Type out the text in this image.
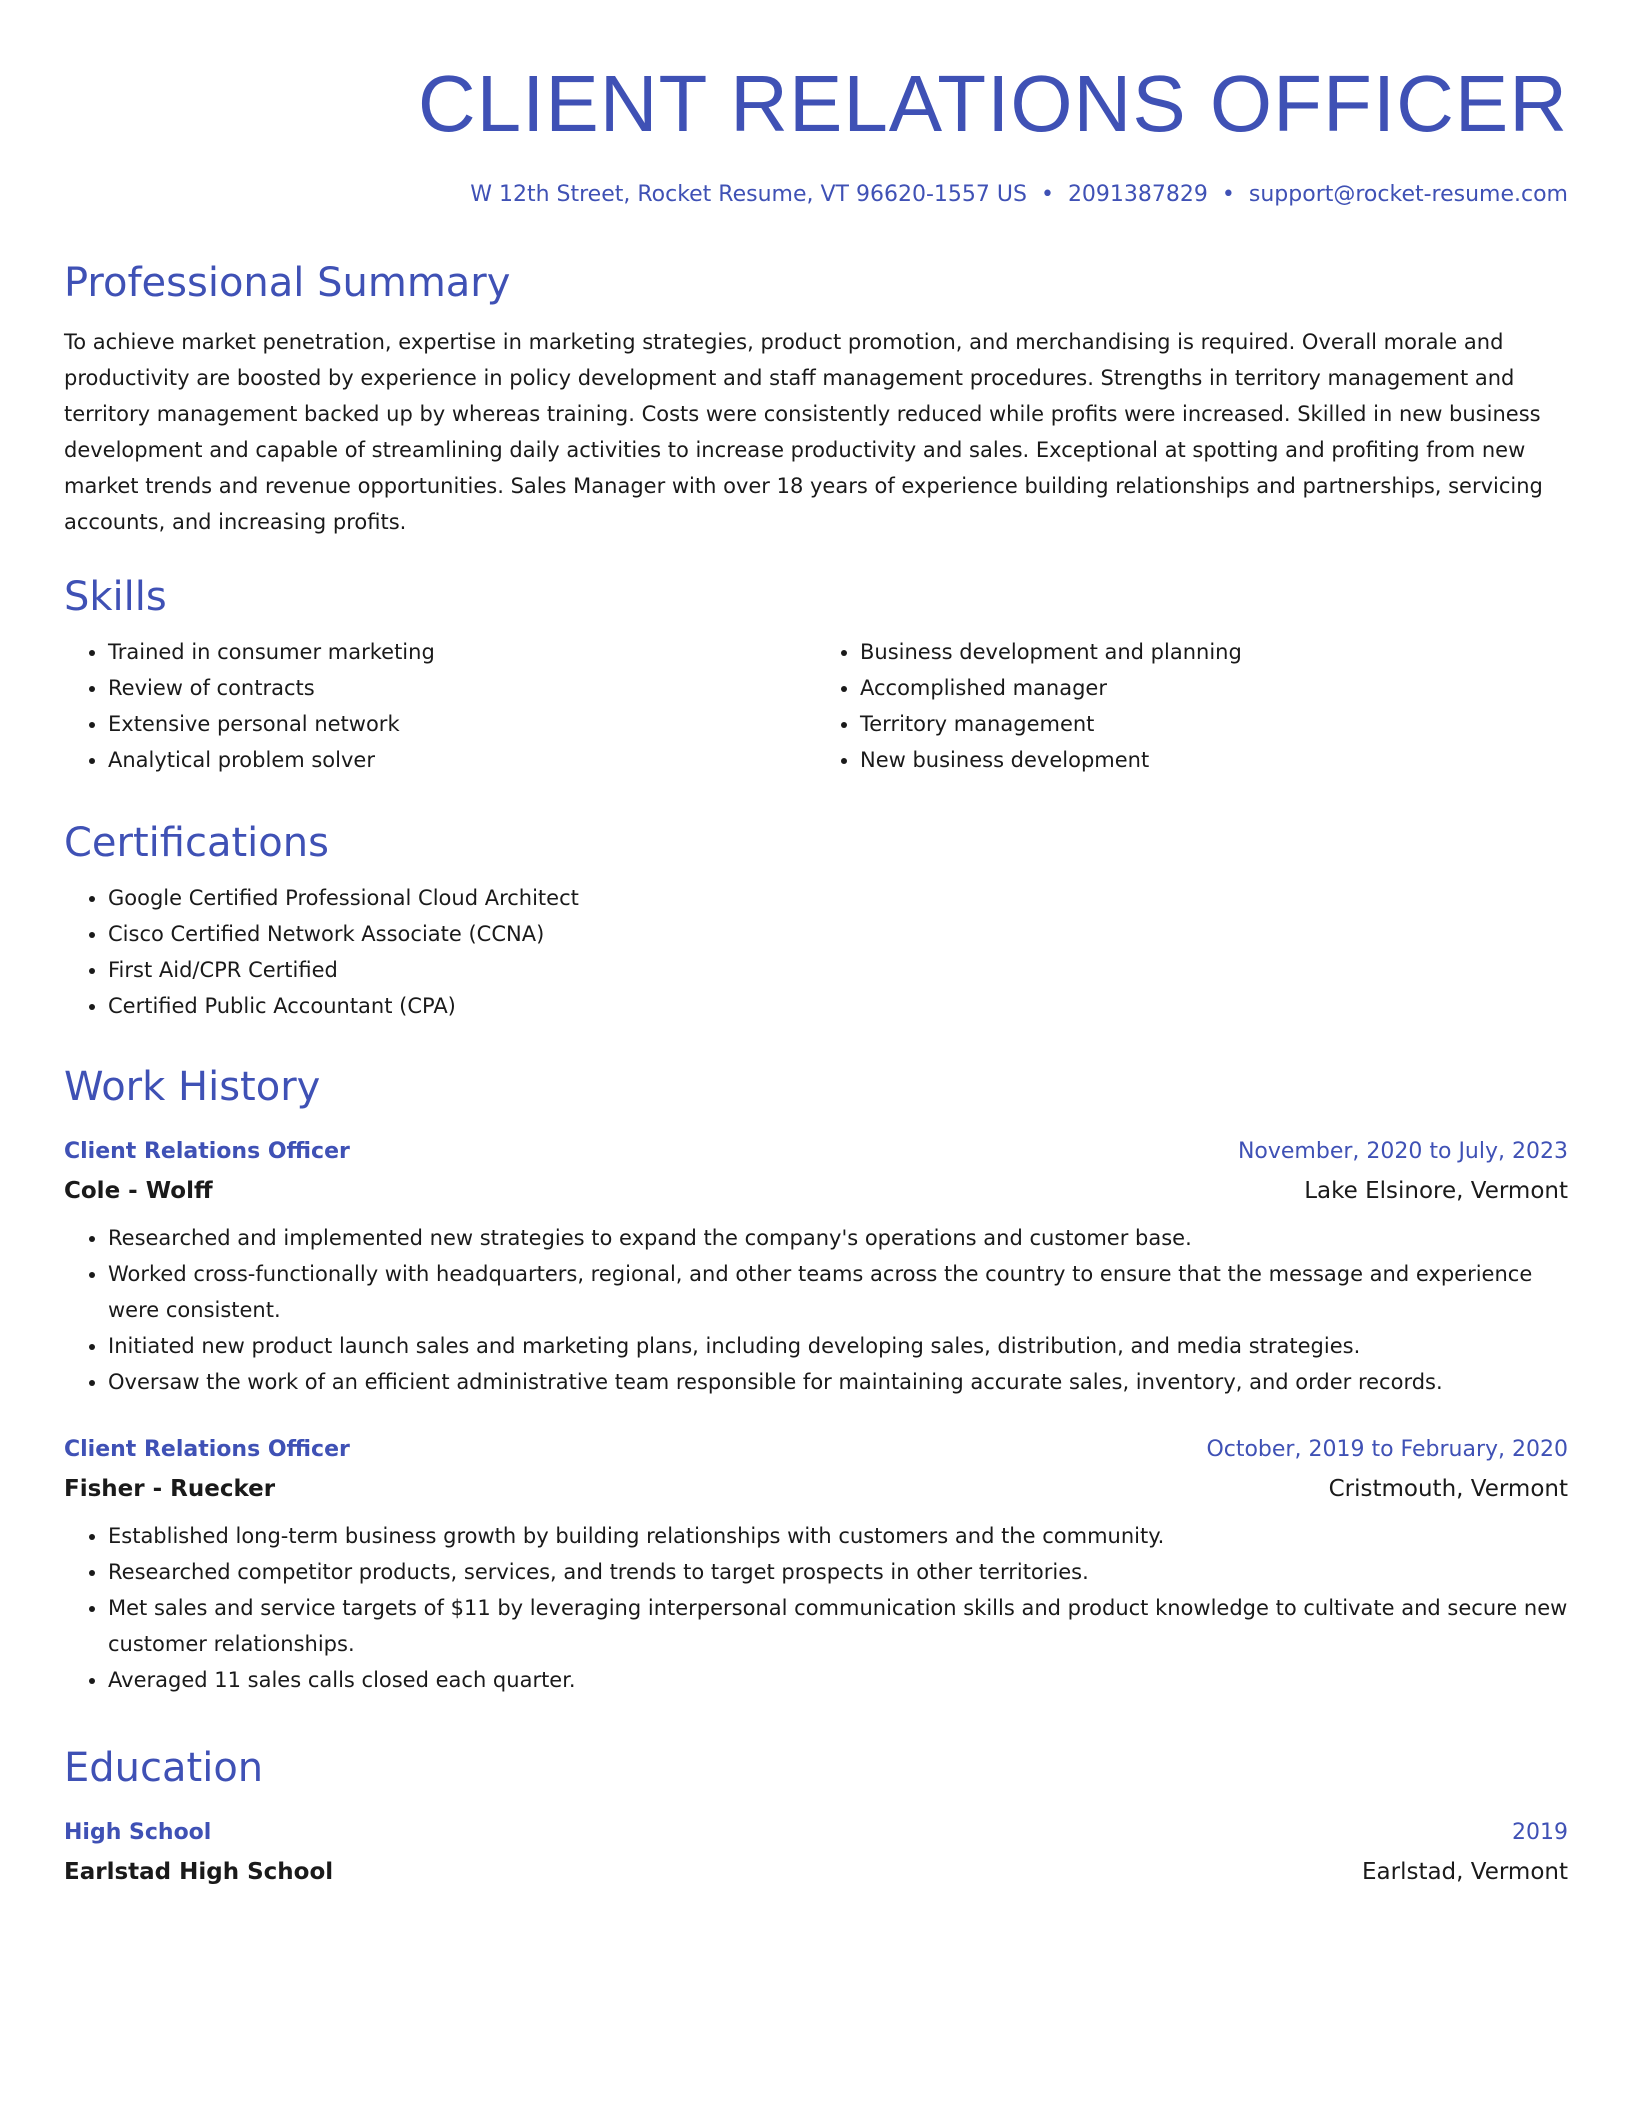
CLIENT RELATIONS OFFICER
W 12th Street, Rocket Resume, VT 96620-1557 US • 2091387829 • support@rocket-resume.com
Professional Summary

To achieve market penetration, expertise in marketing strategies, product promotion, and merchandising is required. Overall morale and productivity are boosted by experience in policy development and staff management procedures. Strengths in territory management and territory management backed up by whereas training. Costs were consistently reduced while profits were increased. Skilled in new business development and capable of streamlining daily activities to increase productivity and sales. Exceptional at spotting and profiting from new market trends and revenue opportunities. Sales Manager with over 18 years of experience building relationships and partnerships, servicing accounts, and increasing profits.

Skills
• Trained in consumer marketing
• Review of contracts
• Extensive personal network
• Analytical problem solver
• Business development and planning
• Accomplished manager
• Territory management
• New business development
Certifications
• Google Certified Professional Cloud Architect
• Cisco Certified Network Associate (CCNA)
• First Aid/CPR Certified
• Certified Public Accountant (CPA)
Work History
Client Relations Officer	November, 2020 to July, 2023
Cole - Wolff	Lake Elsinore, Vermont
• Researched and implemented new strategies to expand the company's operations and customer base.
• Worked cross-functionally with headquarters, regional, and other teams across the country to ensure that the message and experience were consistent.
• Initiated new product launch sales and marketing plans, including developing sales, distribution, and media strategies.
• Oversaw the work of an efficient administrative team responsible for maintaining accurate sales, inventory, and order records.
Client Relations Officer	October, 2019 to February, 2020
Fisher - Ruecker	Cristmouth, Vermont
• Established long-term business growth by building relationships with customers and the community.
• Researched competitor products, services, and trends to target prospects in other territories.
• Met sales and service targets of $11 by leveraging interpersonal communication skills and product knowledge to cultivate and secure new customer relationships.
• Averaged 11 sales calls closed each quarter.
Education
High School	2019
Earlstad High School	Earlstad, Vermont
